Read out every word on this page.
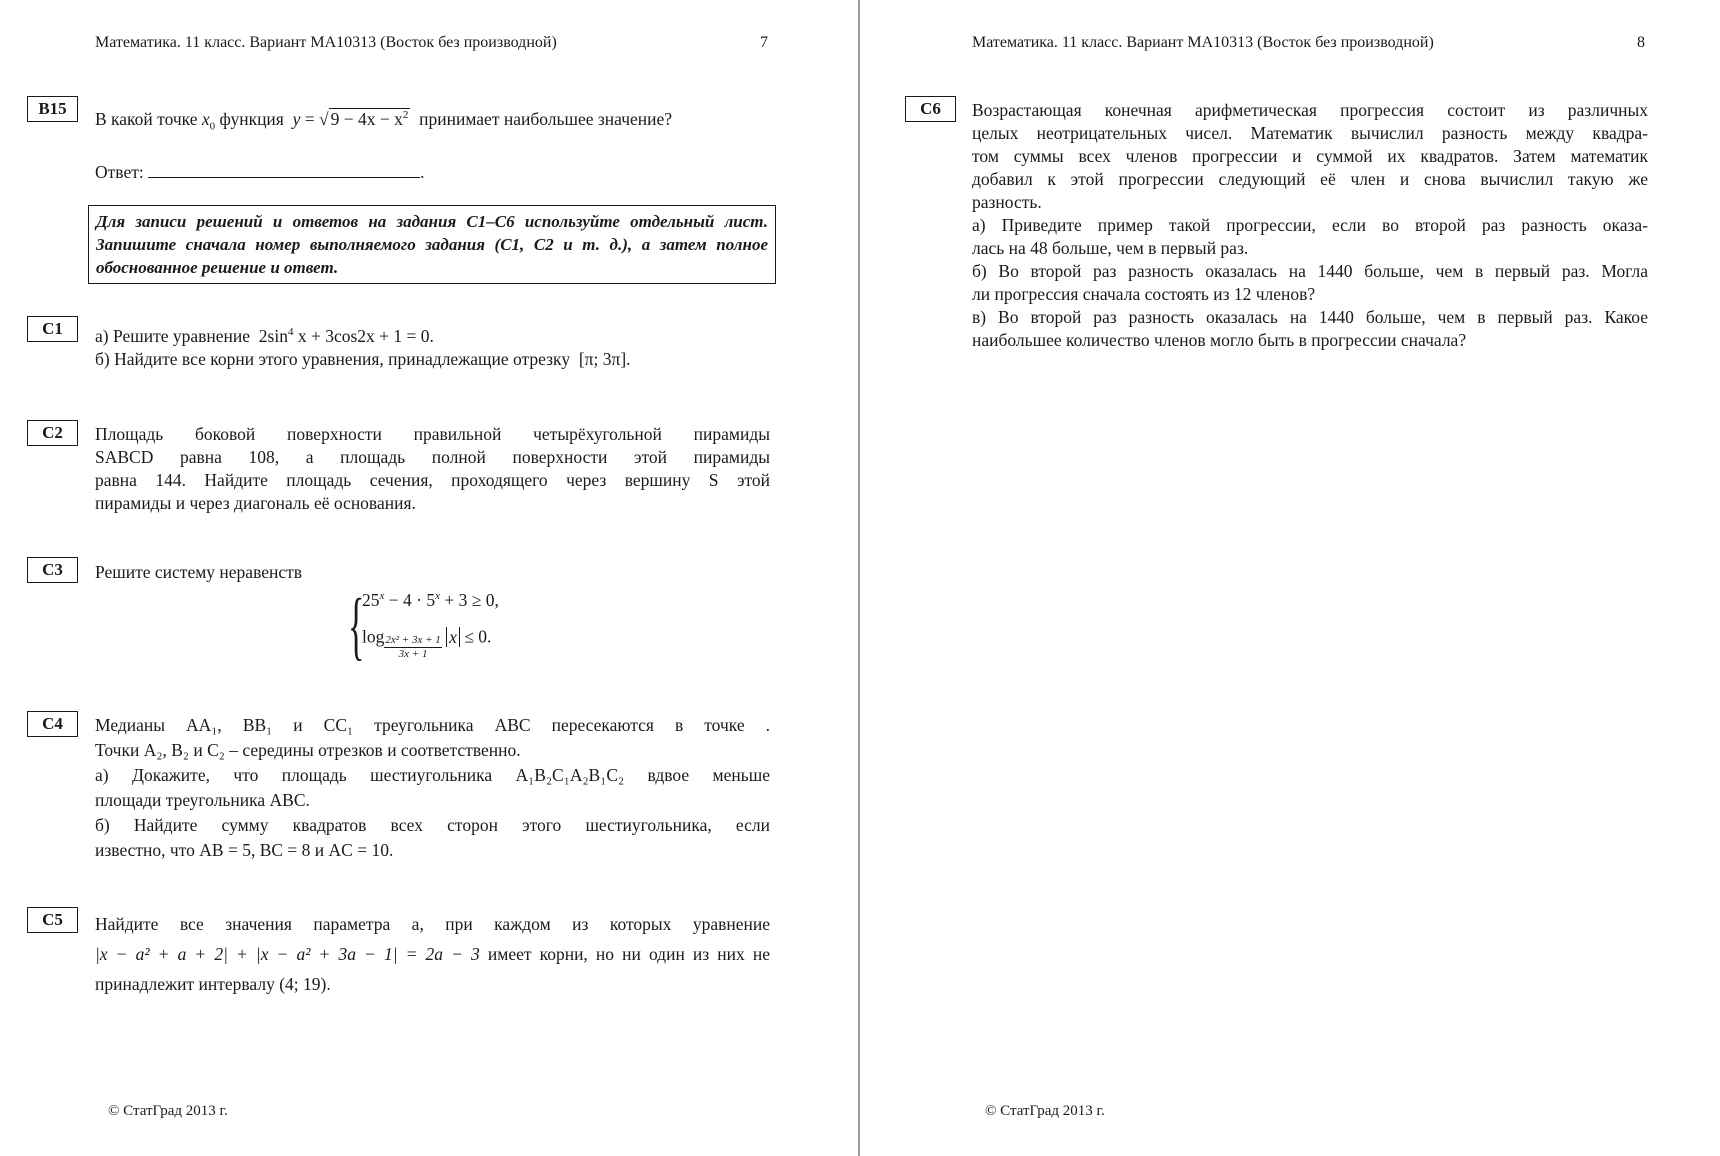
Математика. 11 класс. Вариант МА10313 (Восток без производной)	7
B15
В какой точке $x_0$ функция y = √ $9 - 4x - x^2$ принимает наибольшее значение?
Ответ:	.
Для записи решений и ответов на задания С1–С6 используйте отдельный лист. Запишите сначала номер выполняемого задания (С1, С2 и т. д.), а затем полное обоснованное решение и ответ.
C1	а) Решите уравнение $2\sin^4$ x + 3cos2x + 1 = 0.
б) Найдите все корни этого уравнения, принадлежащие отрезку [π; 3π].
C2	Площадь боковой поверхности правильной четырёхугольной пирамиды
SABCD равна 108, а площадь полной поверхности этой пирамиды
равна 144. Найдите площадь сечения, проходящего через вершину S этой
пирамиды и через диагональ её основания.
C3	Решите систему неравенств
{
$25^x - 4 \cdot 5^x + 3 \ge 0$,
$\log \frac{\text{2x² + 3x + 1}}{3x + 1}$ x ≤ 0.
C4	Медианы AA₁, BB₁ и CC₁ треугольника ABC пересекаются в точке .
Точки A₂, B₂ и C₂ – середины отрезков и соответственно.
а) Докажите, что площадь шестиугольника A₁B₂C₁A₂B₁C₂ вдвое меньше
площади треугольника ABC.
б) Найдите сумму квадратов всех сторон этого шестиугольника, если
известно, что AB = 5, BC = 8 и AC = 10.
C5	Найдите все значения параметра a, при каждом из которых уравнение
|x − a² + a + 2| + |x − a² + 3a − 1| = 2a − 3 имеет корни, но ни один из них не
принадлежит интервалу (4; 19).
© СтатГрад 2013 г.
Математика. 11 класс. Вариант МА10313 (Восток без производной)	8
C6	Возрастающая конечная арифметическая прогрессия состоит из различных
целых неотрицательных чисел. Математик вычислил разность между квадра-
том суммы всех членов прогрессии и суммой их квадратов. Затем математик
добавил к этой прогрессии следующий её член и снова вычислил такую же
разность.
а) Приведите пример такой прогрессии, если во второй раз разность оказа-
лась на 48 больше, чем в первый раз.
б) Во второй раз разность оказалась на 1440 больше, чем в первый раз. Могла
ли прогрессия сначала состоять из 12 членов?
в) Во второй раз разность оказалась на 1440 больше, чем в первый раз. Какое
наибольшее количество членов могло быть в прогрессии сначала?
© СтатГрад 2013 г.
